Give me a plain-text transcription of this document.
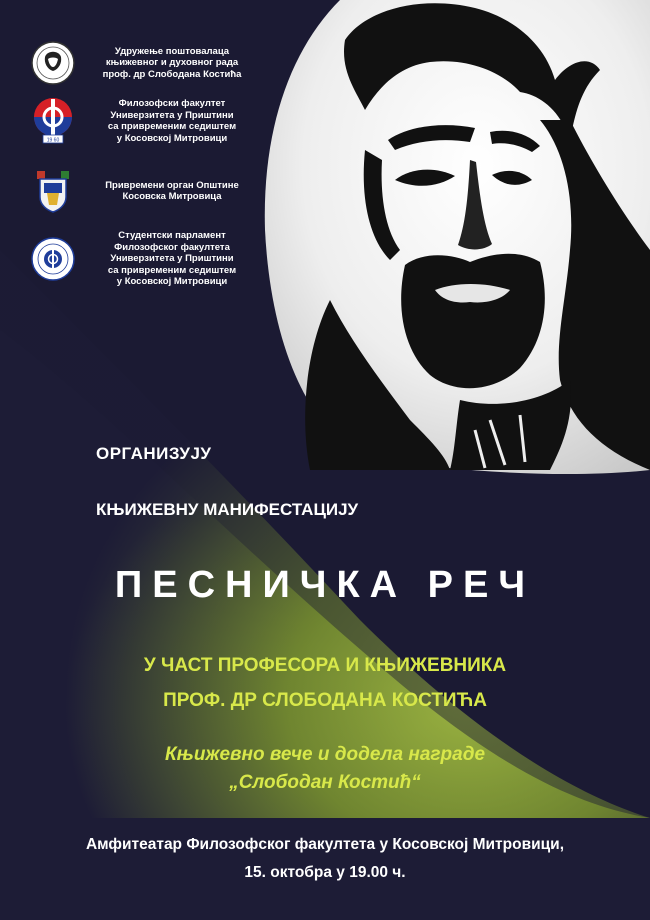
Удружење поштовалаца
књижевног и духовног рада
проф. др Слободана Костића
19 60
Филозофски факултет
Универзитета у Приштини
са привременим седиштем
у Косовској Митровици
Привремени орган Општине
Косовска Митровица
Студентски парламент
Филозофског факултета
Универзитета у Приштини
са привременим седиштем
у Косовској Митровици
ОРГАНИЗУЈУ
КЊИЖЕВНУ МАНИФЕСТАЦИЈУ
ПЕСНИЧКА РЕЧ
У ЧАСТ ПРОФЕСОРА И КЊИЖЕВНИКА
ПРОФ. ДР СЛОБОДАНА КОСТИЋА
Књижевно вече и додела награде
„Слободан Костић“
Амфитеатар Филозофског факултета у Косовској Митровици,
15. октобра у 19.00 ч.
